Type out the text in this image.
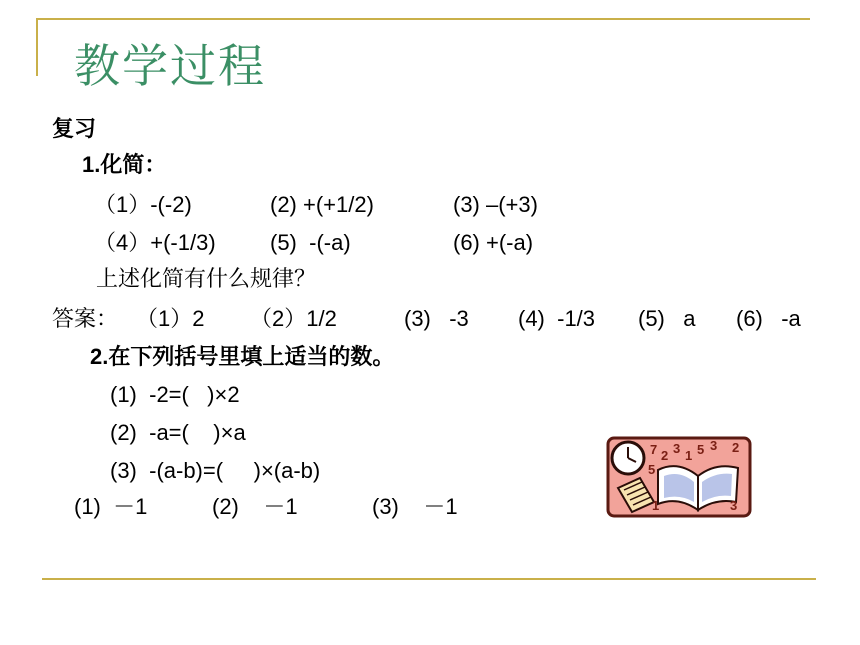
教学过程
复习
1.化简：
（1）-(-2)	(2) +(+1/2)	(3) –(+3)
（4）+(-1/3) (5)  -(-a)	(6) +(-a)
上述化简有什么规律？
答案： （1）2 （2）1/2	(3)   -3 (4)  -1/3 (5)   a (6)   -a
2.在下列括号里填上适当的数。
(1)  -2=(   )×2
(2)  -a=(    )×a
(3)  -(a-b)=(     )×(a-b)
(1)  －1	(2)    －1	(3)    －1
7 2 3 1 5 3 2
5
1	3
